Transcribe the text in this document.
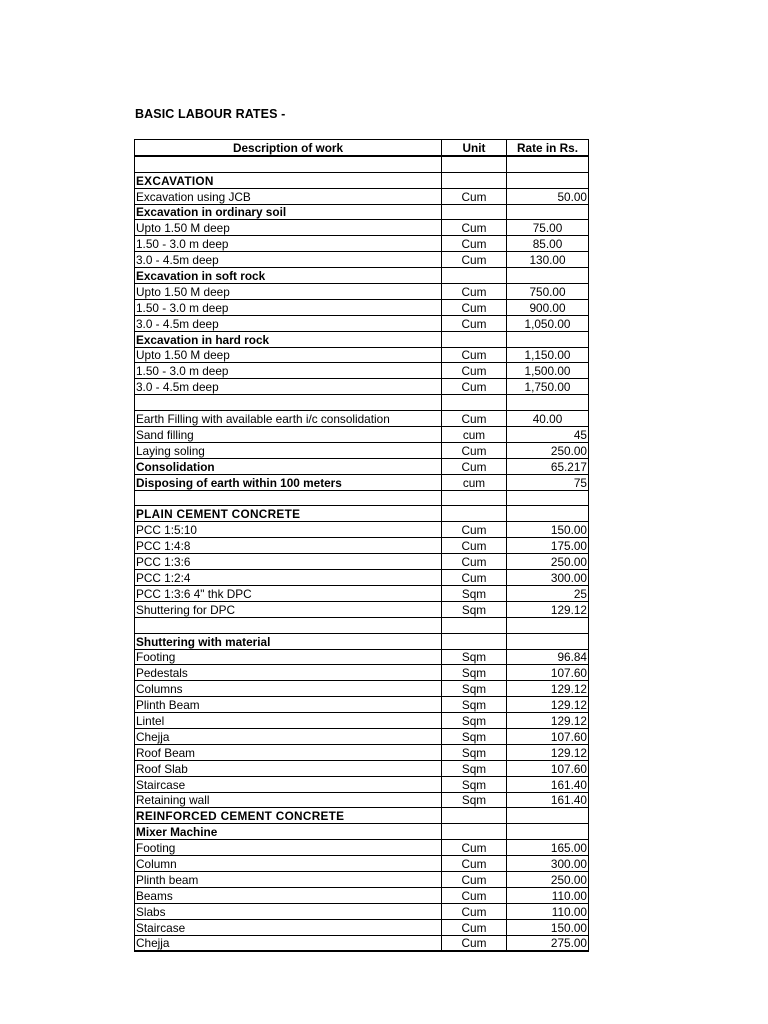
BASIC LABOUR RATES -
Description of work	Unit	Rate in Rs.

EXCAVATION		
Excavation using JCB	Cum	50.00
Excavation in ordinary soil		
Upto 1.50 M deep	Cum	75.00
1.50 - 3.0 m deep	Cum	85.00
3.0 - 4.5m deep	Cum	130.00
Excavation in soft rock		
Upto 1.50 M deep	Cum	750.00
1.50 - 3.0 m deep	Cum	900.00
3.0 - 4.5m deep	Cum	1,050.00
Excavation in hard rock		
Upto 1.50 M deep	Cum	1,150.00
1.50 - 3.0 m deep	Cum	1,500.00
3.0 - 4.5m deep	Cum	1,750.00

Earth Filling with available earth i/c consolidation	Cum	40.00
Sand filling	cum	45
Laying soling	Cum	250.00
Consolidation	Cum	65.217
Disposing of earth within 100 meters	cum	75

PLAIN CEMENT CONCRETE		
PCC 1:5:10	Cum	150.00
PCC 1:4:8	Cum	175.00
PCC 1:3:6	Cum	250.00
PCC 1:2:4	Cum	300.00
PCC 1:3:6 4" thk DPC	Sqm	25
Shuttering for DPC	Sqm	129.12

Shuttering with material		
Footing	Sqm	96.84
Pedestals	Sqm	107.60
Columns	Sqm	129.12
Plinth Beam	Sqm	129.12
Lintel	Sqm	129.12
Chejja	Sqm	107.60
Roof Beam	Sqm	129.12
Roof Slab	Sqm	107.60
Staircase	Sqm	161.40
Retaining wall	Sqm	161.40
REINFORCED CEMENT CONCRETE		
Mixer Machine		
Footing	Cum	165.00
Column	Cum	300.00
Plinth beam	Cum	250.00
Beams	Cum	110.00
Slabs	Cum	110.00
Staircase	Cum	150.00
Chejja	Cum	275.00
